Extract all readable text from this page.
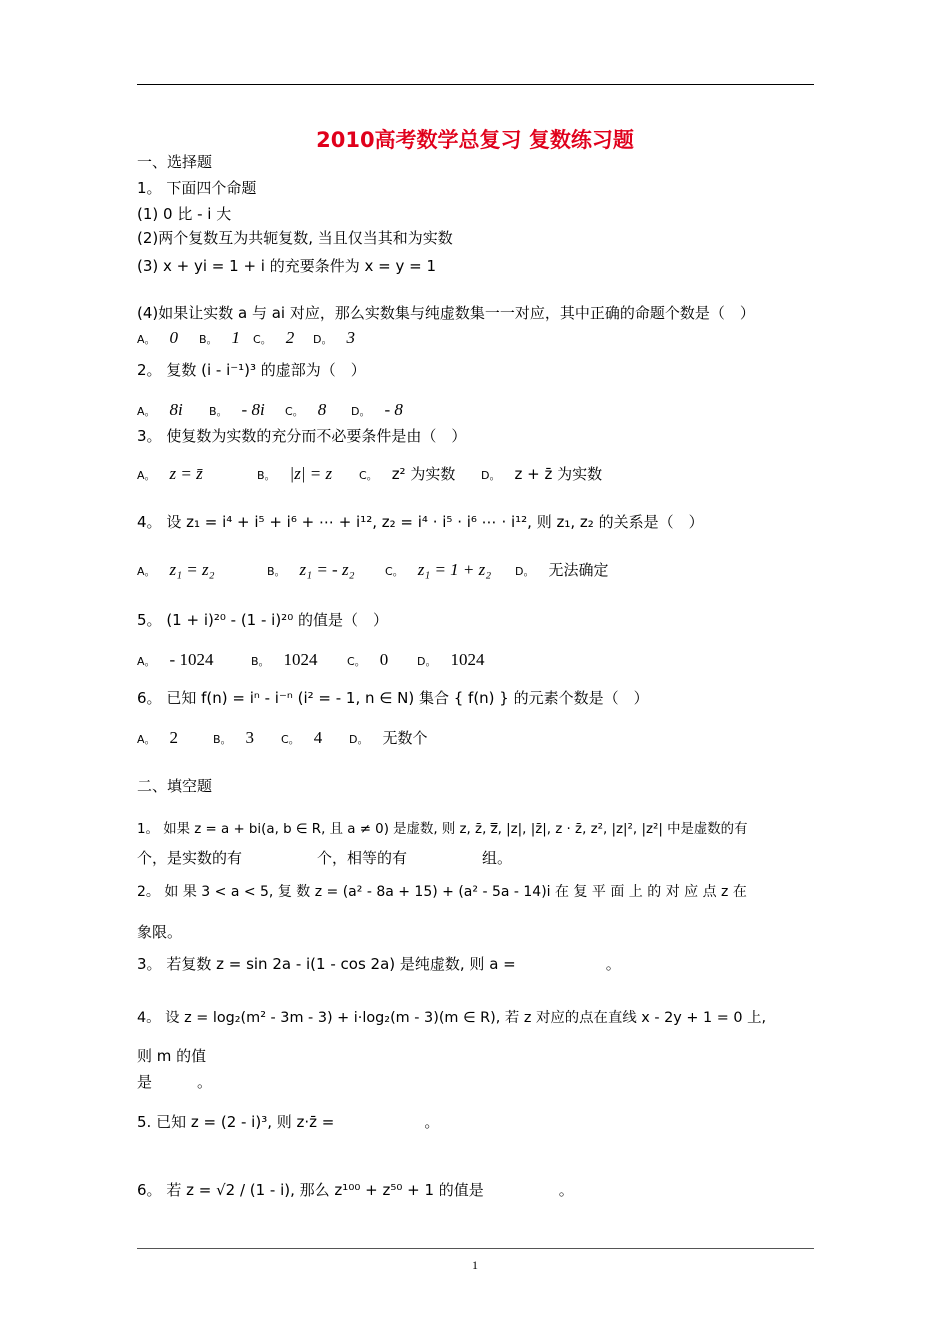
2010高考数学总复习 复数练习题
一、选择题
1。 下面四个命题
(1) 0 比 - i 大
(2)两个复数互为共轭复数, 当且仅当其和为实数
(3) x + yi = 1 + i 的充要条件为 x = y = 1
(4)如果让实数 a 与 ai 对应，那么实数集与纯虚数集一一对应，其中正确的命题个数是（　）
A。 0	B。 1	C。 2	D。 3
2。 复数 (i - i⁻¹)³ 的虚部为（　）
A。 8i	B。 - 8i	C。 8	D。 - 8
3。 使复数为实数的充分而不必要条件是由（　）
A。 z = z̄	B。 |z| = z	C。 z² 为实数	D。 z + z̄ 为实数
4。 设 z₁ = i⁴ + i⁵ + i⁶ + ⋯ + i¹², z₂ = i⁴ · i⁵ · i⁶ ⋯ · i¹², 则 z₁, z₂ 的关系是（　）
A。 z₁ = z₂	B。 z₁ = - z₂	C。 z₁ = 1 + z₂	D。 无法确定
5。 (1 + i)²⁰ - (1 - i)²⁰ 的值是（　）
A。 - 1024	B。 1024	C。 0	D。 1024
6。 已知 f(n) = iⁿ - i⁻ⁿ (i² = - 1, n ∈ N) 集合 { f(n) } 的元素个数是（　）
A。 2	B。 3	C。 4	D。 无数个
二、填空题
1。 如果 z = a + bi(a, b ∈ R, 且 a ≠ 0) 是虚数, 则 z, z̄, z̿, |z|, |z̄|, z · z̄, z², |z|², |z²| 中是虚数的有
个，是实数的有　　　　　个，相等的有　　　　　组。
2。 如 果 3 < a < 5, 复 数 z = (a² - 8a + 15) + (a² - 5a - 14)i 在 复 平 面 上 的 对 应 点 z 在
象限。
3。 若复数 z = sin 2a - i(1 - cos 2a) 是纯虚数, 则 a =　　　　　　。
4。 设 z = log₂(m² - 3m - 3) + i·log₂(m - 3)(m ∈ R), 若 z 对应的点在直线 x - 2y + 1 = 0 上,
则 m 的值
是　　　。
5. 已知 z = (2 - i)³, 则 z·z̄ =　　　　　　。
6。 若 z = √2 / (1 - i), 那么 z¹⁰⁰ + z⁵⁰ + 1 的值是　　　　　。
1
